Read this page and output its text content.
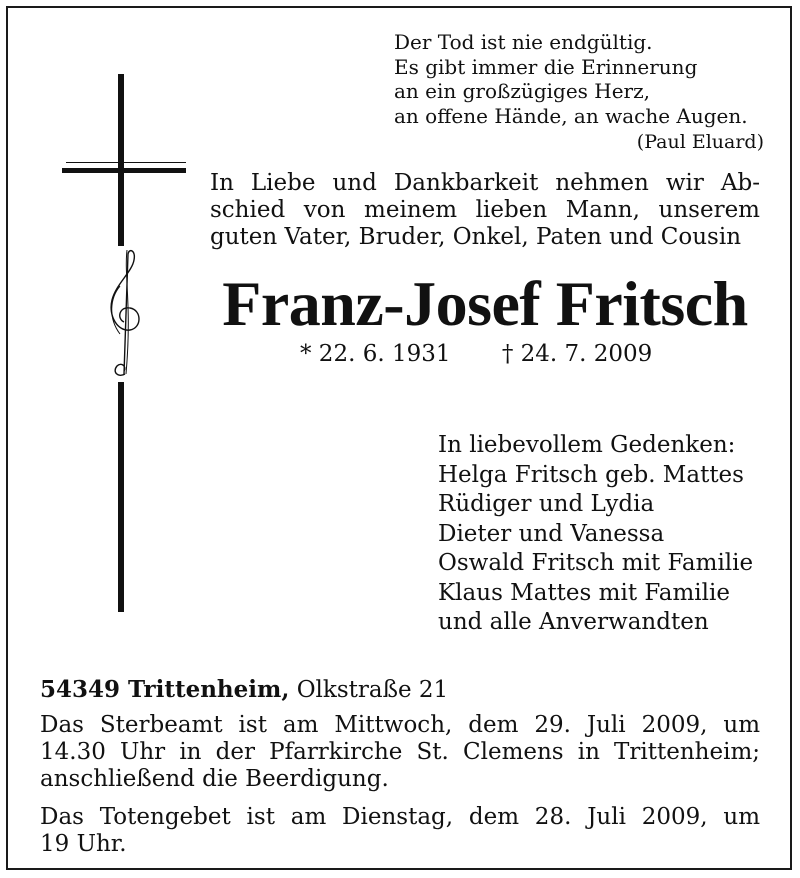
Der Tod ist nie endgültig.
Es gibt immer die Erinnerung
an ein großzügiges Herz,
an offene Hände, an wache Augen.
(Paul Eluard)
In Liebe und Dankbarkeit nehmen wir Ab-
schied von meinem lieben Mann, unserem
guten Vater, Bruder, Onkel, Paten und Cousin
Franz-Josef Fritsch
* 22. 6. 1931 † 24. 7. 2009
In liebevollem Gedenken:
Helga Fritsch geb. Mattes
Rüdiger und Lydia
Dieter und Vanessa
Oswald Fritsch mit Familie
Klaus Mattes mit Familie
und alle Anverwandten
54349 Trittenheim, Olkstraße 21
Das Sterbeamt ist am Mittwoch, dem 29. Juli 2009, um
14.30 Uhr in der Pfarrkirche St. Clemens in Trittenheim;
anschließend die Beerdigung.
Das Totengebet ist am Dienstag, dem 28. Juli 2009, um
19 Uhr.
